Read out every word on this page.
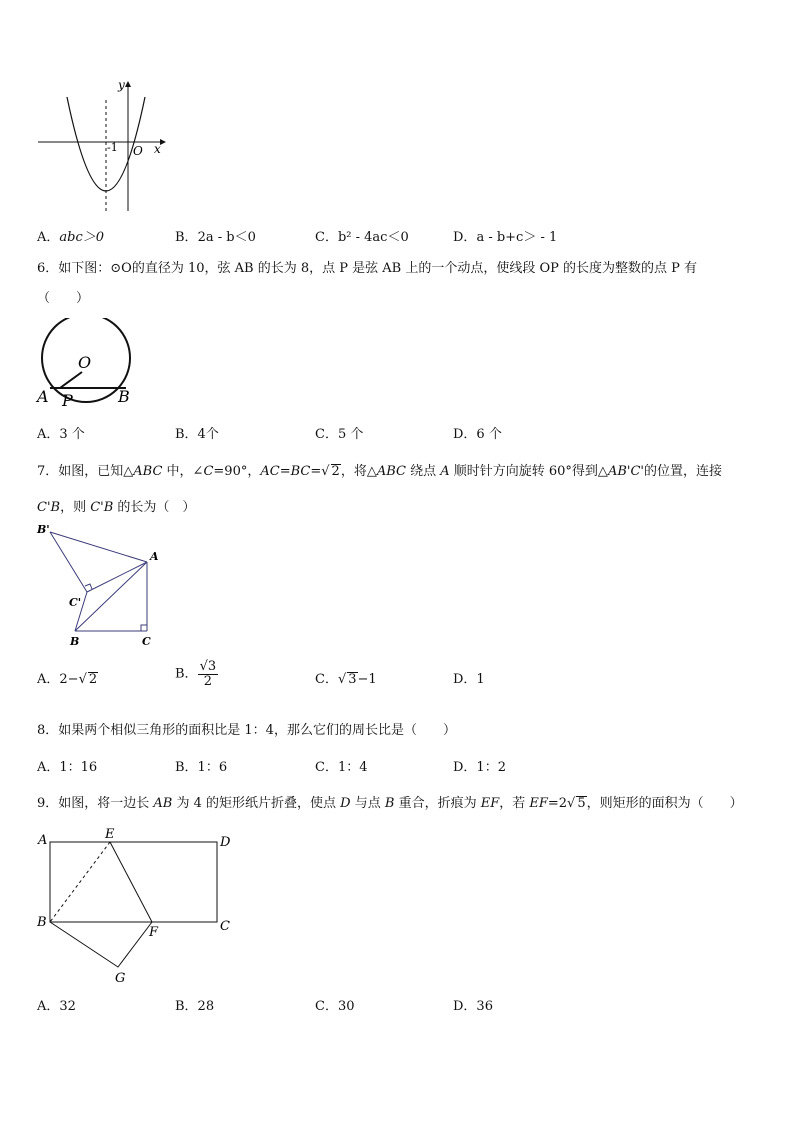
y
x
-1 O
A．abc＞0	B．2a - b＜0	C．b² - 4ac＜0	D．a - b+c＞ - 1
6．如下图：⊙O的直径为 10，弦 AB 的长为 8，点 P 是弦 AB 上的一个动点，使线段 OP 的长度为整数的点 P 有
（　　）
O
A P	B
A．3 个	B．4个	C．5 个	D．6 个
7．如图，已知△ABC 中，∠C=90°，AC=BC=√ 2，将△ABC 绕点 A 顺时针方向旋转 60°得到△AB'C'的位置，连接
C'B，则 C'B 的长为（　）
B'
A
C'
B	C
A．2−√ 2	B． $\frac{√3}{2}$	C．√ 3−1	D．1
8．如果两个相似三角形的面积比是 1：4，那么它们的周长比是（　　）
A．1：16	B．1：6	C．1：4	D．1：2
9．如图，将一边长 AB 为 4 的矩形纸片折叠，使点 D 与点 B 重合，折痕为 EF，若 EF=2√ 5，则矩形的面积为（　　）
A	E
D
B
F	C
G
A．32	B．28	C．30	D．36
